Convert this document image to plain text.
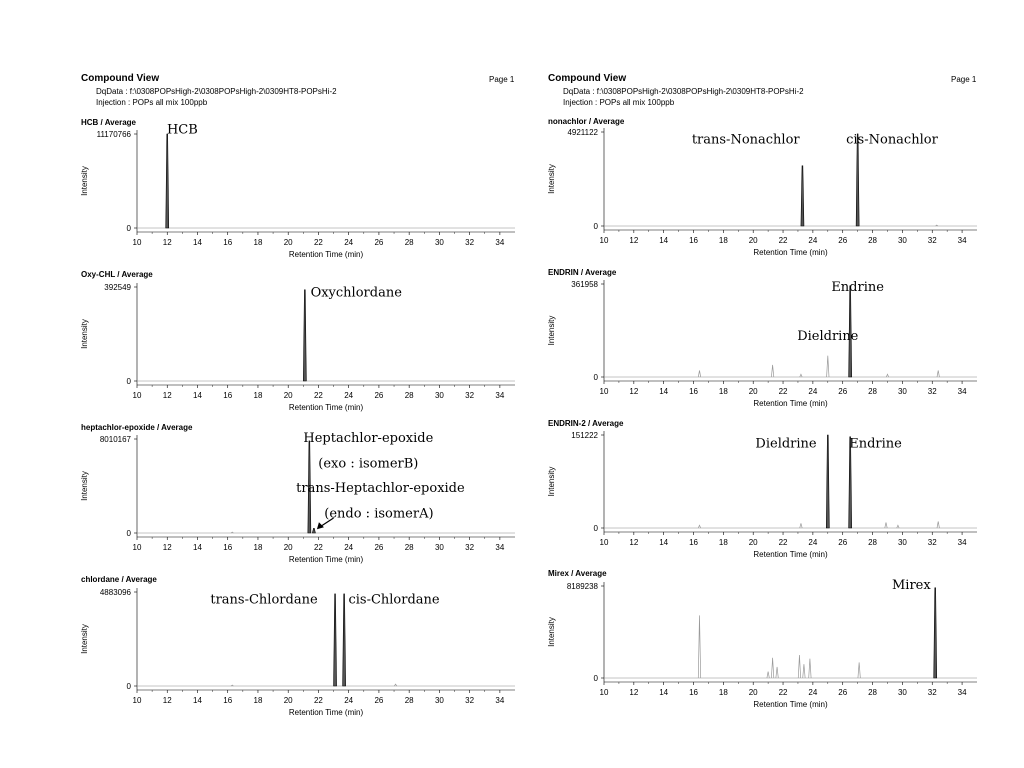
Compound View	Page 1
DqData : f:\0308POPsHigh-2\0308POPsHigh-2\0309HT8-POPsHi-2
Injection : POPs all mix 100ppb
Compound View	Page 1
DqData : f:\0308POPsHigh-2\0308POPsHigh-2\0309HT8-POPsHi-2
Injection : POPs all mix 100ppb
HCB / Average
11170766
0
Intensity
10	12	14	16	18	20	22	24	26	28	30	32	34
Retention Time (min)
HCB
nonachlor / Average
4921122
0
Intensity
10	12	14	16	18	20	22	24	26	28	30	32	34
Retention Time (min)
trans-Nonachlor	cis-Nonachlor
Oxy-CHL / Average
392549
0
Intensity
10	12	14	16	18	20	22	24	26	28	30	32	34
Retention Time (min)
Oxychlordane
ENDRIN / Average
361958
0
Intensity
10	12	14	16	18	20	22	24	26	28	30	32	34
Retention Time (min)
Endrine
Dieldrine
heptachlor-epoxide / Average
8010167
0
Intensity
10	12	14	16	18	20	22	24	26	28	30	32	34
Retention Time (min)
Heptachlor-epoxide
(exo : isomerB)
trans-Heptachlor-epoxide
(endo : isomerA)
ENDRIN-2 / Average
151222
0
Intensity
10	12	14	16	18	20	22	24	26	28	30	32	34
Retention Time (min)
Dieldrine	Endrine
chlordane / Average
4883096
0
Intensity
10	12	14	16	18	20	22	24	26	28	30	32	34
Retention Time (min)
trans-Chlordane cis-Chlordane
Mirex / Average
8189238
0
Intensity
10	12	14	16	18	20	22	24	26	28	30	32	34
Retention Time (min)
Mirex
